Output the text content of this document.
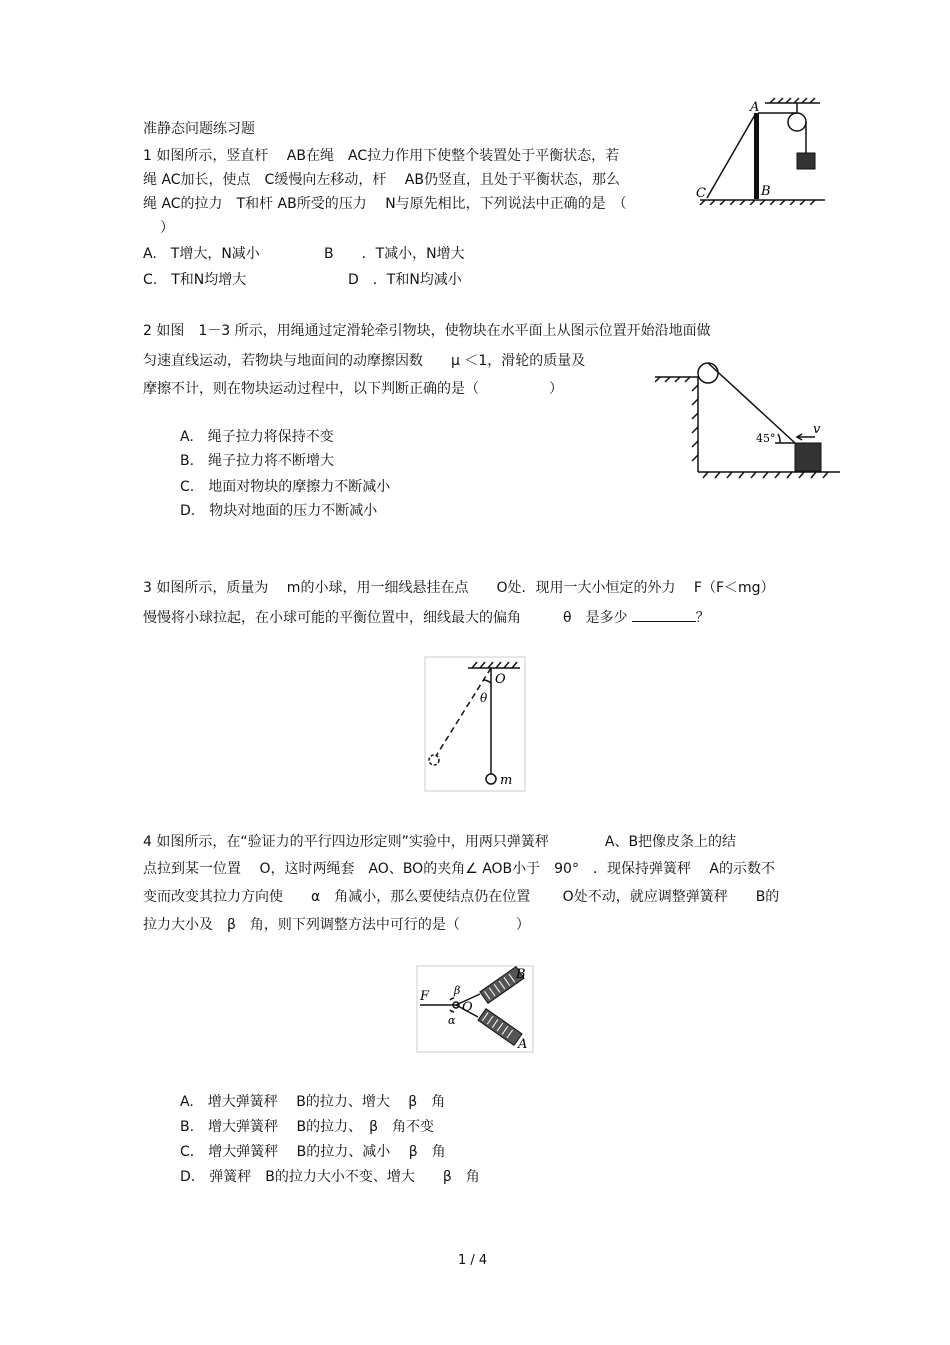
准静态问题练习题
1 如图所示，竖直杆　 AB在绳　AC拉力作用下使整个装置处于平衡状态，若
绳 AC加长，使点　C缓慢向左移动，杆　 AB仍竖直，且处于平衡状态，那么
绳 AC的拉力　T和杆 AB所受的压力　 N与原先相比，下列说法中正确的是　（
）
A.　T增大，N减小	B　　．T减小，N增大
C.　T和N均增大	D　．T和N均减小
A
B
C
2 如图　1－3 所示，用绳通过定滑轮牵引物块，使物块在水平面上从图示位置开始沿地面做
匀速直线运动，若物块与地面间的动摩擦因数　　μ ＜1，滑轮的质量及
摩擦不计，则在物块运动过程中，以下判断正确的是（　　　　　）
A.　绳子拉力将保持不变
B.　绳子拉力将不断增大
C.　地面对物块的摩擦力不断减小
D.　物块对地面的压力不断减小
45°
v
3 如图所示，质量为　 m的小球，用一细线悬挂在点　　O处．现用一大小恒定的外力　 F（F＜mg）
慢慢将小球拉起，在小球可能的平衡位置中，细线最大的偏角　　　θ　是多少	？
O
θ
m
4 如图所示，在“验证力的平行四边形定则”实验中，用两只弹簧秤　　　　A、B把像皮条上的结
点拉到某一位置　 O，这时两绳套　AO、BO的夹角∠ AOB小于　90°　．现保持弹簧秤　 A的示数不
变而改变其拉力方向使　　α　角减小，那么要使结点仍在位置　　 O处不动，就应调整弹簧秤　　B的
拉力大小及　β　角，则下列调整方法中可行的是（　　　　）
F β
O
α
A
B
A.　增大弹簧秤　 B的拉力、增大　 β　角
B.　增大弹簧秤　 B的拉力、　β　角不变
C.　增大弹簧秤　 B的拉力、减小　 β　角
D.　弹簧秤　B的拉力大小不变、增大　　β　角
1 / 4
